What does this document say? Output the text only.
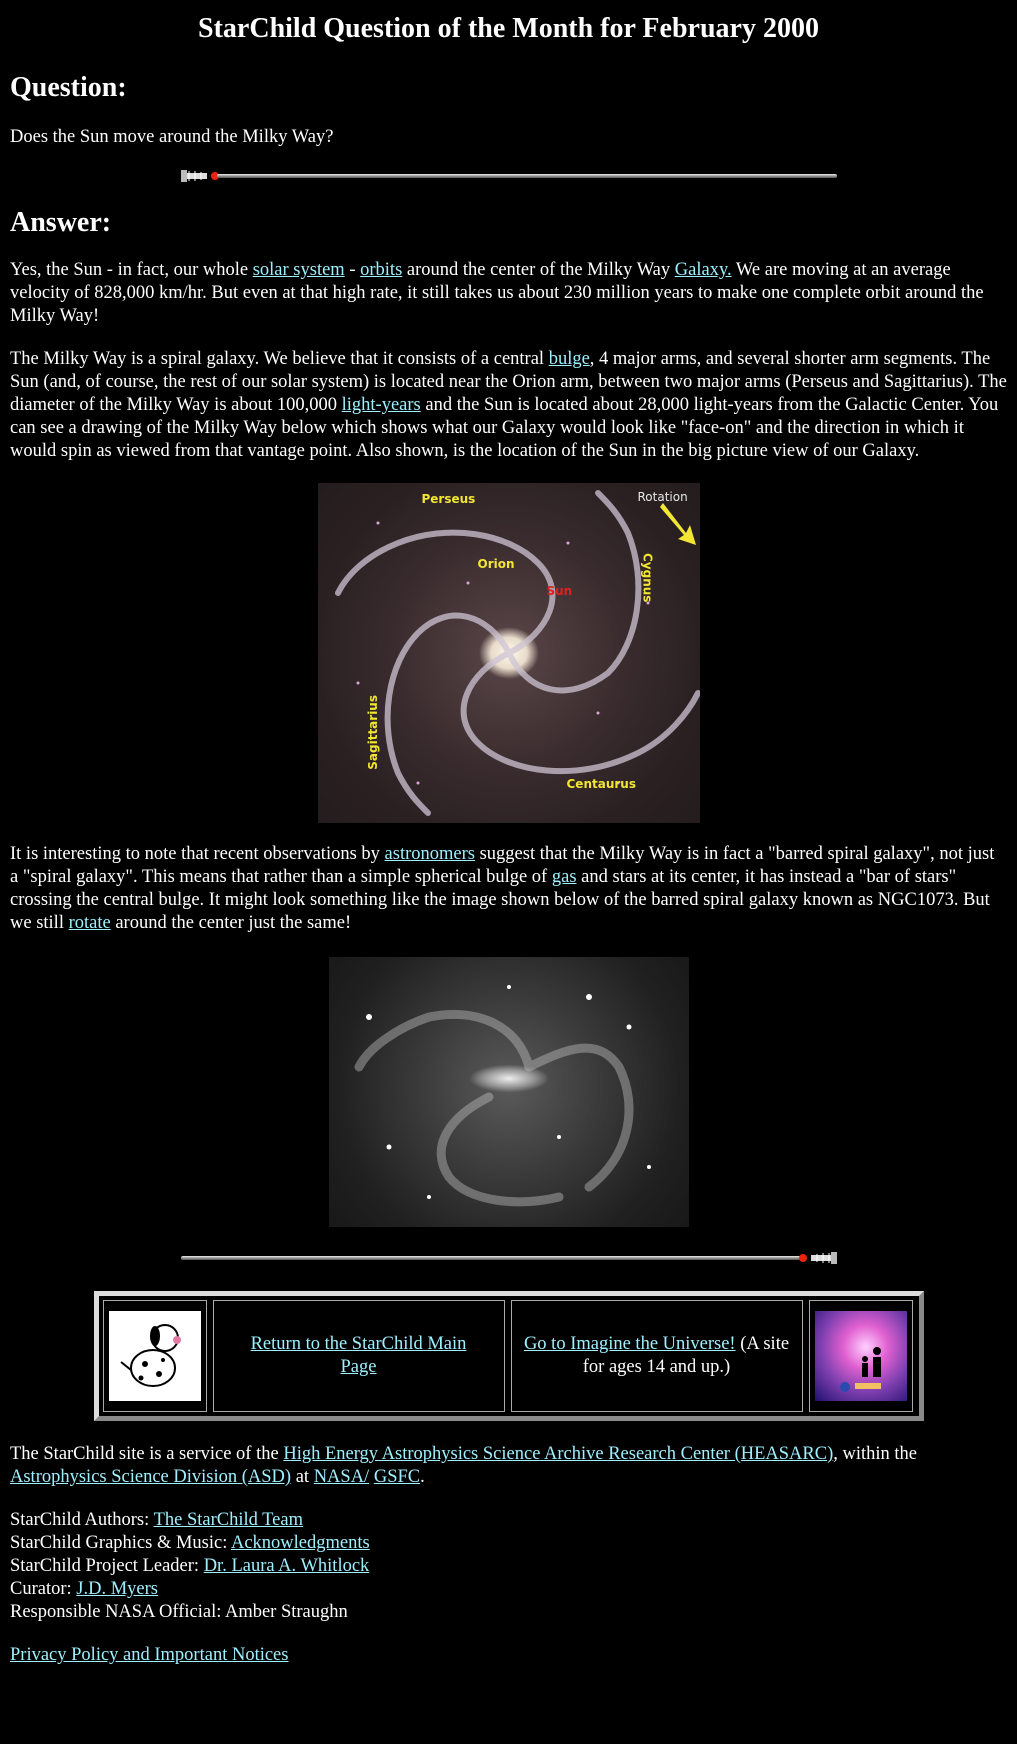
StarChild Question of the Month for February 2000
Question:

Does the Sun move around the Milky Way?

Answer:

Yes, the Sun - in fact, our whole solar system - orbits around the center of the Milky Way Galaxy. We are moving at an average velocity of 828,000 km/hr. But even at that high rate, it still takes us about 230 million years to make one complete orbit around the Milky Way!

The Milky Way is a spiral galaxy. We believe that it consists of a central bulge, 4 major arms, and several shorter arm segments. The Sun (and, of course, the rest of our solar system) is located near the Orion arm, between two major arms (Perseus and Sagittarius). The diameter of the Milky Way is about 100,000 light-years and the Sun is located about 28,000 light-years from the Galactic Center. You can see a drawing of the Milky Way below which shows what our Galaxy would look like "face-on" and the direction in which it would spin as viewed from that vantage point. Also shown, is the location of the Sun in the big picture view of our Galaxy.

Perseus	Rotation
Orion
Sun	Cygnus
Sagittarius
Centaurus

It is interesting to note that recent observations by astronomers suggest that the Milky Way is in fact a "barred spiral galaxy", not just a "spiral galaxy". This means that rather than a simple spherical bulge of gas and stars at its center, it has instead a "bar of stars" crossing the central bulge. It might look something like the image shown below of the barred spiral galaxy known as NGC1073. But we still rotate around the center just the same!

Return to the StarChild Main Page
Go to Imagine the Universe! (A site for ages 14 and up.)

The StarChild site is a service of the High Energy Astrophysics Science Archive Research Center (HEASARC), within the Astrophysics Science Division (ASD) at NASA/ GSFC.

StarChild Authors: The StarChild Team

StarChild Graphics & Music: Acknowledgments

StarChild Project Leader: Dr. Laura A. Whitlock

Curator: J.D. Myers

Responsible NASA Official: Amber Straughn

Privacy Policy and Important Notices
